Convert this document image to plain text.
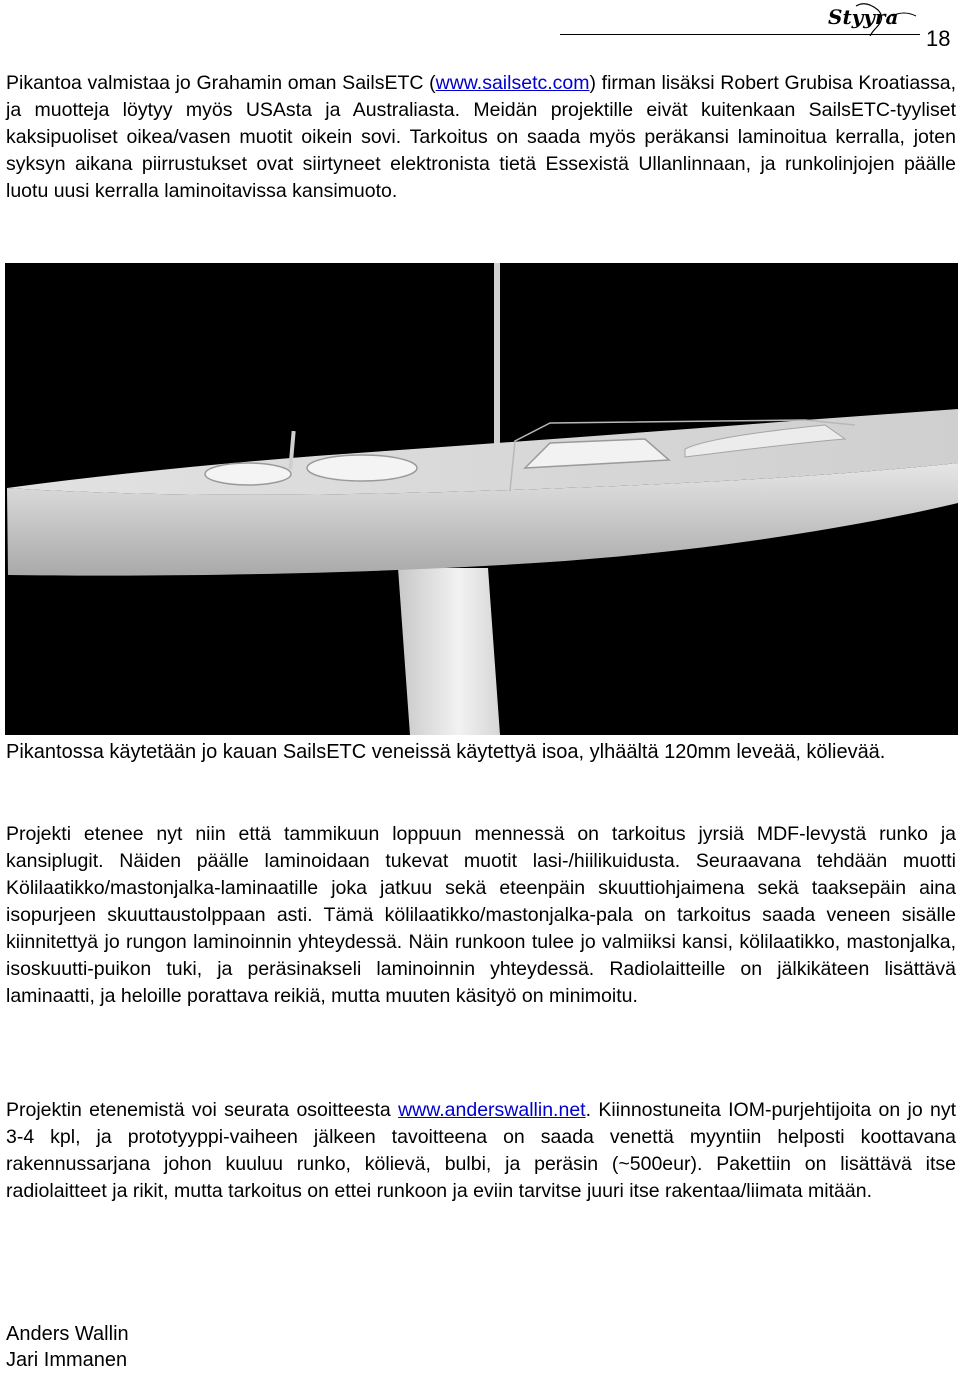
Styyra
18

Pikantoa valmistaa jo Grahamin oman SailsETC (www.sailsetc.com) firman lisäksi Robert Grubisa Kroatiassa, ja muotteja löytyy myös USAsta ja Australiasta. Meidän projektille eivät kuitenkaan SailsETC-tyyliset kaksipuoliset oikea/vasen muotit oikein sovi. Tarkoitus on saada myös peräkansi laminoitua kerralla, joten syksyn aikana piirrustukset ovat siirtyneet elektronista tietä Essexistä Ullanlinnaan, ja runkolinjojen päälle luotu uusi kerralla laminoitavissa kansimuoto.

Pikantossa käytetään jo kauan SailsETC veneissä käytettyä isoa, ylhäältä 120mm leveää, kölievää.

Projekti etenee nyt niin että tammikuun loppuun mennessä on tarkoitus jyrsiä MDF-levystä runko ja kansiplugit. Näiden päälle laminoidaan tukevat muotit lasi-/hiilikuidusta. Seuraavana tehdään muotti Kölilaatikko/mastonjalka-laminaatille joka jatkuu sekä eteenpäin skuuttiohjaimena sekä taaksepäin aina isopurjeen skuuttaustolppaan asti. Tämä kölilaatikko/mastonjalka-pala on tarkoitus saada veneen sisälle kiinnitettyä jo rungon laminoinnin yhteydessä. Näin runkoon tulee jo valmiiksi kansi, kölilaatikko, mastonjalka, isoskuutti-puikon tuki, ja peräsinakseli laminoinnin yhteydessä. Radiolaitteille on jälkikäteen lisättävä laminaatti, ja heloille porattava reikiä, mutta muuten käsityö on minimoitu.

Projektin etenemistä voi seurata osoitteesta www.anderswallin.net. Kiinnostuneita IOM-purjehtijoita on jo nyt 3-4 kpl, ja prototyyppi-vaiheen jälkeen tavoitteena on saada venettä myyntiin helposti koottavana rakennussarjana johon kuuluu runko, kölievä, bulbi, ja peräsin (~500eur). Pakettiin on lisättävä itse radiolaitteet ja rikit, mutta tarkoitus on ettei runkoon ja eviin tarvitse juuri itse rakentaa/liimata mitään.

Anders Wallin
Jari Immanen
